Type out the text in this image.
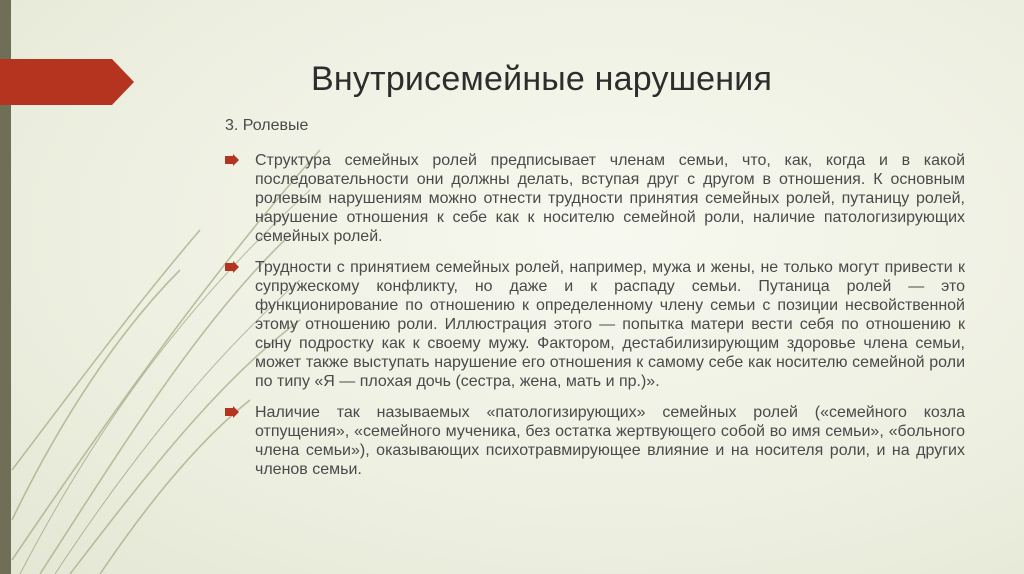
Внутрисемейные нарушения
3. Ролевые
Структура семейных ролей предписывает членам семьи, что, как, когда и в какой последовательности они должны делать, вступая друг с другом в отношения. К основным ролевым нарушениям можно отнести трудности принятия семейных ролей, путаницу ролей, нарушение отношения к себе как к носителю семейной роли, наличие патологизирующих семейных ролей.
Трудности с принятием семейных ролей, например, мужа и жены, не только могут привести к супружескому конфликту, но даже и к распаду семьи. Путаница ролей — это функционирование по отношению к определенному члену семьи с позиции несвойственной этому отношению роли. Иллюстрация этого — попытка матери вести себя по отношению к сыну подростку как к своему мужу. Фактором, дестабилизирующим здоровье члена семьи, может также выступать нарушение его отношения к самому себе как носителю семейной роли по типу «Я — плохая дочь (сестра, жена, мать и пр.)».
Наличие так называемых «патологизирующих» семейных ролей («семейного козла отпущения», «семейного мученика, без остатка жертвующего собой во имя семьи», «больного члена семьи»), оказывающих психотравмирующее влияние и на носителя роли, и на других членов семьи.
